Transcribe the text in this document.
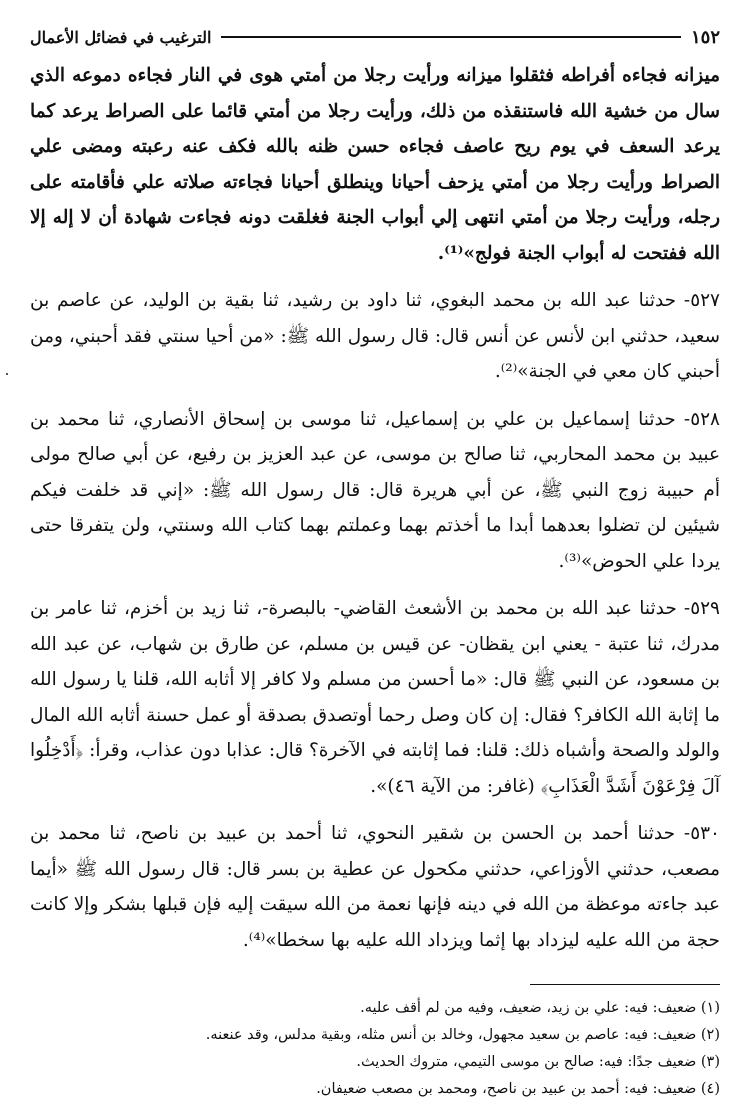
١٥٢
الترغيب في فضائل الأعمال

ميزانه فجاءه أفراطه فثقلوا ميزانه ورأيت رجلا من أمتي هوى في النار فجاءه دموعه الذي سال من خشية الله فاستنقذه من ذلك، ورأيت رجلا من أمتي قائما على الصراط يرعد كما يرعد السعف في يوم ريح عاصف فجاءه حسن ظنه بالله فكف عنه رعبته ومضى علي الصراط ورأيت رجلا من أمتي يزحف أحيانا وينطلق أحيانا فجاءته صلاته علي فأقامته على رجله، ورأيت رجلا من أمتي انتهى إلي أبواب الجنة فغلقت دونه فجاءت شهادة أن لا إله إلا الله ففتحت له أبواب الجنة فولج»⁽¹⁾.

٥٢٧- حدثنا عبد الله بن محمد البغوي، ثنا داود بن رشيد، ثنا بقية بن الوليد، عن عاصم بن سعيد، حدثني ابن لأنس عن أنس قال: قال رسول الله ﷺ: «من أحيا سنتي فقد أحبني، ومن أحبني كان معي في الجنة»⁽²⁾.

٥٢٨- حدثنا إسماعيل بن علي بن إسماعيل، ثنا موسى بن إسحاق الأنصاري، ثنا محمد بن عبيد بن محمد المحاربي، ثنا صالح بن موسى، عن عبد العزيز بن رفيع، عن أبي صالح مولى أم حبيبة زوج النبي ﷺ، عن أبي هريرة قال: قال رسول الله ﷺ: «إني قد خلفت فيكم شيئين لن تضلوا بعدهما أبدا ما أخذتم بهما وعملتم بهما كتاب الله وسنتي، ولن يتفرقا حتى يردا علي الحوض»⁽³⁾.

٥٢٩- حدثنا عبد الله بن محمد بن الأشعث القاضي- بالبصرة-، ثنا زيد بن أخزم، ثنا عامر بن مدرك، ثنا عتبة - يعني ابن يقظان- عن قيس بن مسلم، عن طارق بن شهاب، عن عبد الله بن مسعود، عن النبي ﷺ قال: «ما أحسن من مسلم ولا كافر إلا أثابه الله، قلنا يا رسول الله ما إثابة الله الكافر؟ فقال: إن كان وصل رحما أوتصدق بصدقة أو عمل حسنة أثابه الله المال والولد والصحة وأشباه ذلك: قلنا: فما إثابته في الآخرة؟ قال: عذابا دون عذاب، وقرأ: ﴿أَدْخِلُوا آلَ فِرْعَوْنَ أَشَدَّ الْعَذَابِ﴾ (غافر: من الآية ٤٦)».

٥٣٠- حدثنا أحمد بن الحسن بن شقير النحوي، ثنا أحمد بن عبيد بن ناصح، ثنا محمد بن مصعب، حدثني الأوزاعي، حدثني مكحول عن عطية بن بسر قال: قال رسول الله ﷺ «أيما عبد جاءته موعظة من الله في دينه فإنها نعمة من الله سيقت إليه فإن قبلها بشكر وإلا كانت حجة من الله عليه ليزداد بها إثما ويزداد الله عليه بها سخطا»⁽⁴⁾.

(١) ضعيف: فيه: علي بن زيد، ضعيف، وفيه من لم أقف عليه.

(٢) ضعيف: فيه: عاصم بن سعيد مجهول، وخالد بن أنس مثله، وبقية مدلس، وقد عنعنه.

(٣) ضعيف جدًا: فيه: صالح بن موسى التيمي، متروك الحديث.

(٤) ضعيف: فيه: أحمد بن عبيد بن ناصح، ومحمد بن مصعب ضعيفان.
